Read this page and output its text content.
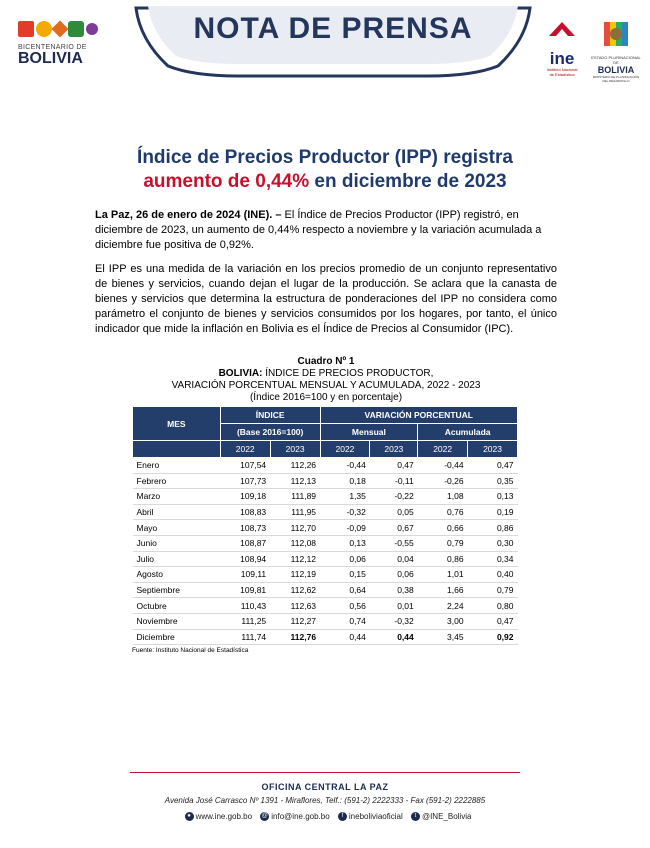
BICENTENARIO DE
BOLIVIA
NOTA DE PRENSA
ine
Instituto Nacional
de Estadística
ESTADO PLURINACIONAL DE
BOLIVIA
MINISTERIO DE PLANIFICACIÓN DEL DESARROLLO
Índice de Precios Productor (IPP) registra
aumento de 0,44% en diciembre de 2023

La Paz, 26 de enero de 2024 (INE). – El Índice de Precios Productor (IPP) registró, en diciembre de 2023, un aumento de 0,44% respecto a noviembre y la variación acumulada a diciembre fue positiva de 0,92%.

El IPP es una medida de la variación en los precios promedio de un conjunto representativo de bienes y servicios, cuando dejan el lugar de la producción. Se aclara que la canasta de bienes y servicios que determina la estructura de ponderaciones del IPP no considera como parámetro el conjunto de bienes y servicios consumidos por los hogares, por tanto, el único indicador que mide la inflación en Bolivia es el Índice de Precios al Consumidor (IPC).

Cuadro Nº 1
BOLIVIA: ÍNDICE DE PRECIOS PRODUCTOR,
VARIACIÓN PORCENTUAL MENSUAL Y ACUMULADA, 2022 - 2023
(Índice 2016=100 y en porcentaje)
MES	ÍNDICE		VARIACIÓN PORCENTUAL			
	(Base 2016=100)		Mensual		Acumulada	
	2022	2023	2022	2023	2022	2023
Enero	107,54	112,26	-0,44	0,47	-0,44	0,47
Febrero	107,73	112,13	0,18	-0,11	-0,26	0,35
Marzo	109,18	111,89	1,35	-0,22	1,08	0,13
Abril	108,83	111,95	-0,32	0,05	0,76	0,19
Mayo	108,73	112,70	-0,09	0,67	0,66	0,86
Junio	108,87	112,08	0,13	-0,55	0,79	0,30
Julio	108,94	112,12	0,06	0,04	0,86	0,34
Agosto	109,11	112,19	0,15	0,06	1,01	0,40
Septiembre	109,81	112,62	0,64	0,38	1,66	0,79
Octubre	110,43	112,63	0,56	0,01	2,24	0,80
Noviembre	111,25	112,27	0,74	-0,32	3,00	0,47
Diciembre	111,74	112,76	0,44	0,44	3,45	0,92
Fuente: Instituto Nacional de Estadística
OFICINA CENTRAL LA PAZ
Avenida José Carrasco Nº 1391 - Miraflores, Telf.: (591-2) 2222333 - Fax (591-2) 2222885
● www.ine.gob.bo @ info@ine.gob.bo f ineboliviaoficial t @INE_Bolivia
